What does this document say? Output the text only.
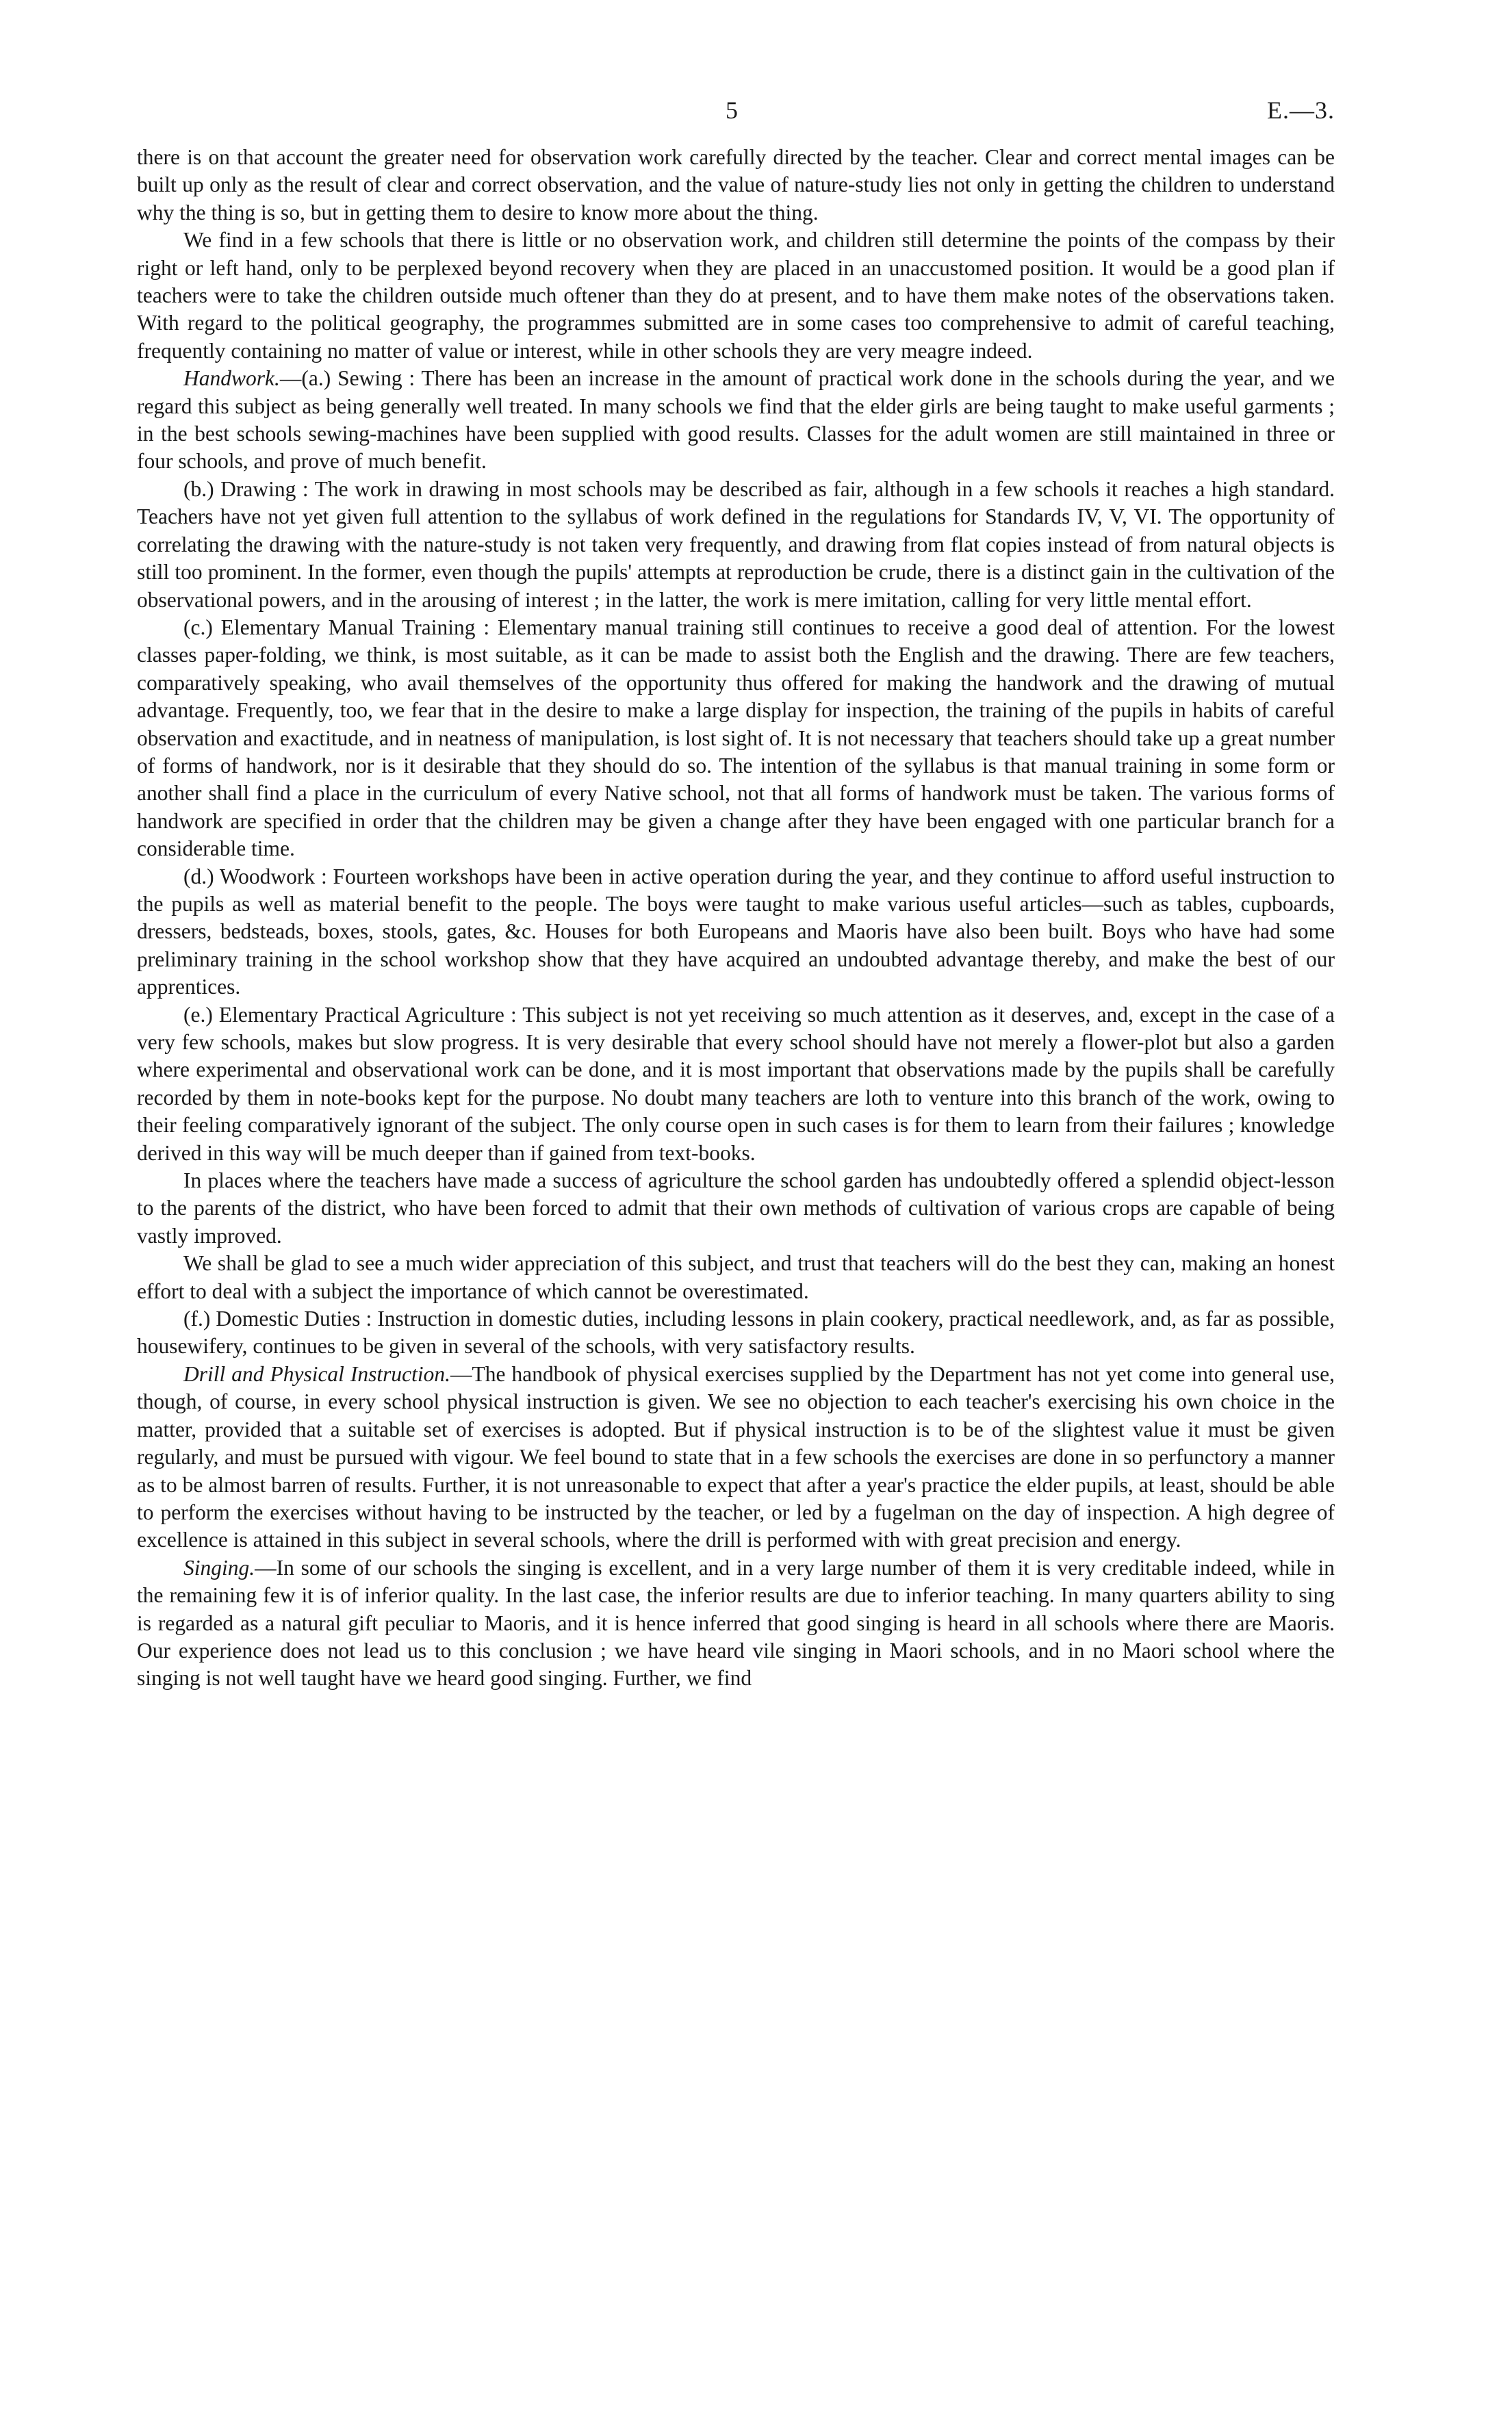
5	E.—3.

there is on that account the greater need for observation work carefully directed by the teacher. Clear and correct mental images can be built up only as the result of clear and correct observation, and the value of nature-study lies not only in getting the children to understand why the thing is so, but in getting them to desire to know more about the thing.

We find in a few schools that there is little or no observation work, and children still determine the points of the compass by their right or left hand, only to be perplexed beyond recovery when they are placed in an unaccustomed position. It would be a good plan if teachers were to take the children outside much oftener than they do at present, and to have them make notes of the observations taken. With regard to the political geography, the programmes submitted are in some cases too comprehensive to admit of careful teaching, frequently containing no matter of value or interest, while in other schools they are very meagre indeed.

Handwork.—(a.) Sewing : There has been an increase in the amount of practical work done in the schools during the year, and we regard this subject as being generally well treated. In many schools we find that the elder girls are being taught to make useful garments ; in the best schools sewing-machines have been supplied with good results. Classes for the adult women are still maintained in three or four schools, and prove of much benefit.

(b.) Drawing : The work in drawing in most schools may be described as fair, although in a few schools it reaches a high standard. Teachers have not yet given full attention to the syllabus of work defined in the regulations for Standards IV, V, VI. The opportunity of correlating the drawing with the nature-study is not taken very frequently, and drawing from flat copies instead of from natural objects is still too prominent. In the former, even though the pupils' attempts at reproduction be crude, there is a distinct gain in the cultivation of the observational powers, and in the arousing of interest ; in the latter, the work is mere imitation, calling for very little mental effort.

(c.) Elementary Manual Training : Elementary manual training still continues to receive a good deal of attention. For the lowest classes paper-folding, we think, is most suitable, as it can be made to assist both the English and the drawing. There are few teachers, comparatively speaking, who avail themselves of the opportunity thus offered for making the handwork and the drawing of mutual advantage. Frequently, too, we fear that in the desire to make a large display for inspection, the training of the pupils in habits of careful observation and exactitude, and in neatness of manipulation, is lost sight of. It is not necessary that teachers should take up a great number of forms of handwork, nor is it desirable that they should do so. The intention of the syllabus is that manual training in some form or another shall find a place in the curriculum of every Native school, not that all forms of handwork must be taken. The various forms of handwork are specified in order that the children may be given a change after they have been engaged with one particular branch for a considerable time.

(d.) Woodwork : Fourteen workshops have been in active operation during the year, and they continue to afford useful instruction to the pupils as well as material benefit to the people. The boys were taught to make various useful articles—such as tables, cupboards, dressers, bedsteads, boxes, stools, gates, &c. Houses for both Europeans and Maoris have also been built. Boys who have had some preliminary training in the school workshop show that they have acquired an undoubted advantage thereby, and make the best of our apprentices.

(e.) Elementary Practical Agriculture : This subject is not yet receiving so much attention as it deserves, and, except in the case of a very few schools, makes but slow progress. It is very desirable that every school should have not merely a flower-plot but also a garden where experimental and observational work can be done, and it is most important that observations made by the pupils shall be carefully recorded by them in note-books kept for the purpose. No doubt many teachers are loth to venture into this branch of the work, owing to their feeling comparatively ignorant of the subject. The only course open in such cases is for them to learn from their failures ; knowledge derived in this way will be much deeper than if gained from text-books.

In places where the teachers have made a success of agriculture the school garden has undoubtedly offered a splendid object-lesson to the parents of the district, who have been forced to admit that their own methods of cultivation of various crops are capable of being vastly improved.

We shall be glad to see a much wider appreciation of this subject, and trust that teachers will do the best they can, making an honest effort to deal with a subject the importance of which cannot be overestimated.

(f.) Domestic Duties : Instruction in domestic duties, including lessons in plain cookery, practical needlework, and, as far as possible, housewifery, continues to be given in several of the schools, with very satisfactory results.

Drill and Physical Instruction.—The handbook of physical exercises supplied by the Department has not yet come into general use, though, of course, in every school physical instruction is given. We see no objection to each teacher's exercising his own choice in the matter, provided that a suitable set of exercises is adopted. But if physical instruction is to be of the slightest value it must be given regularly, and must be pursued with vigour. We feel bound to state that in a few schools the exercises are done in so perfunctory a manner as to be almost barren of results. Further, it is not unreasonable to expect that after a year's practice the elder pupils, at least, should be able to perform the exercises without having to be instructed by the teacher, or led by a fugelman on the day of inspection. A high degree of excellence is attained in this subject in several schools, where the drill is performed with with great precision and energy.

Singing.—In some of our schools the singing is excellent, and in a very large number of them it is very creditable indeed, while in the remaining few it is of inferior quality. In the last case, the inferior results are due to inferior teaching. In many quarters ability to sing is regarded as a natural gift peculiar to Maoris, and it is hence inferred that good singing is heard in all schools where there are Maoris. Our experience does not lead us to this conclusion ; we have heard vile singing in Maori schools, and in no Maori school where the singing is not well taught have we heard good singing. Further, we find
